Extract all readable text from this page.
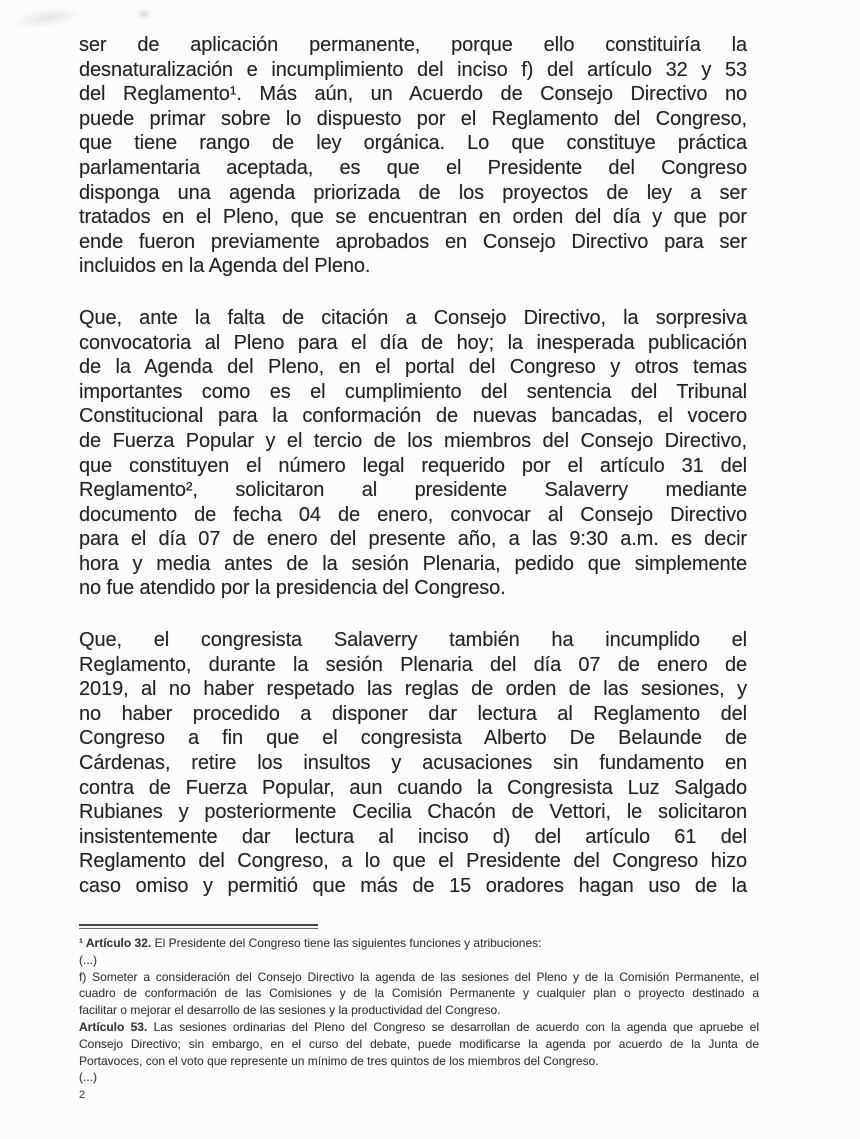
ser de aplicación permanente, porque ello constituiría la
desnaturalización e incumplimiento del inciso f) del artículo 32 y 53
del Reglamento¹. Más aún, un Acuerdo de Consejo Directivo no
puede primar sobre lo dispuesto por el Reglamento del Congreso,
que tiene rango de ley orgánica. Lo que constituye práctica
parlamentaria aceptada, es que el Presidente del Congreso
disponga una agenda priorizada de los proyectos de ley a ser
tratados en el Pleno, que se encuentran en orden del día y que por
ende fueron previamente aprobados en Consejo Directivo para ser
incluidos en la Agenda del Pleno.
Que, ante la falta de citación a Consejo Directivo, la sorpresiva
convocatoria al Pleno para el día de hoy; la inesperada publicación
de la Agenda del Pleno, en el portal del Congreso y otros temas
importantes como es el cumplimiento del sentencia del Tribunal
Constitucional para la conformación de nuevas bancadas, el vocero
de Fuerza Popular y el tercio de los miembros del Consejo Directivo,
que constituyen el número legal requerido por el artículo 31 del
Reglamento², solicitaron al presidente Salaverry mediante
documento de fecha 04 de enero, convocar al Consejo Directivo
para el día 07 de enero del presente año, a las 9:30 a.m. es decir
hora y media antes de la sesión Plenaria, pedido que simplemente
no fue atendido por la presidencia del Congreso.
Que, el congresista Salaverry también ha incumplido el
Reglamento, durante la sesión Plenaria del día 07 de enero de
2019, al no haber respetado las reglas de orden de las sesiones, y
no haber procedido a disponer dar lectura al Reglamento del
Congreso a fin que el congresista Alberto De Belaunde de
Cárdenas, retire los insultos y acusaciones sin fundamento en
contra de Fuerza Popular, aun cuando la Congresista Luz Salgado
Rubianes y posteriormente Cecilia Chacón de Vettori, le solicitaron
insistentemente dar lectura al inciso d) del artículo 61 del
Reglamento del Congreso, a lo que el Presidente del Congreso hizo
caso omiso y permitió que más de 15 oradores hagan uso de la
¹ Artículo 32. El Presidente del Congreso tiene las siguientes funciones y atribuciones:
(...)
f) Someter a consideración del Consejo Directivo la agenda de las sesiones del Pleno y de la Comisión Permanente, el
cuadro de conformación de las Comisiones y de la Comisión Permanente y cualquier plan o proyecto destinado a
facilitar o mejorar el desarrollo de las sesiones y la productividad del Congreso.
Artículo 53. Las sesiones ordinarias del Pleno del Congreso se desarrollan de acuerdo con la agenda que apruebe el
Consejo Directivo; sin embargo, en el curso del debate, puede modificarse la agenda por acuerdo de la Junta de
Portavoces, con el voto que represente un mínimo de tres quintos de los miembros del Congreso.
(...)
2
